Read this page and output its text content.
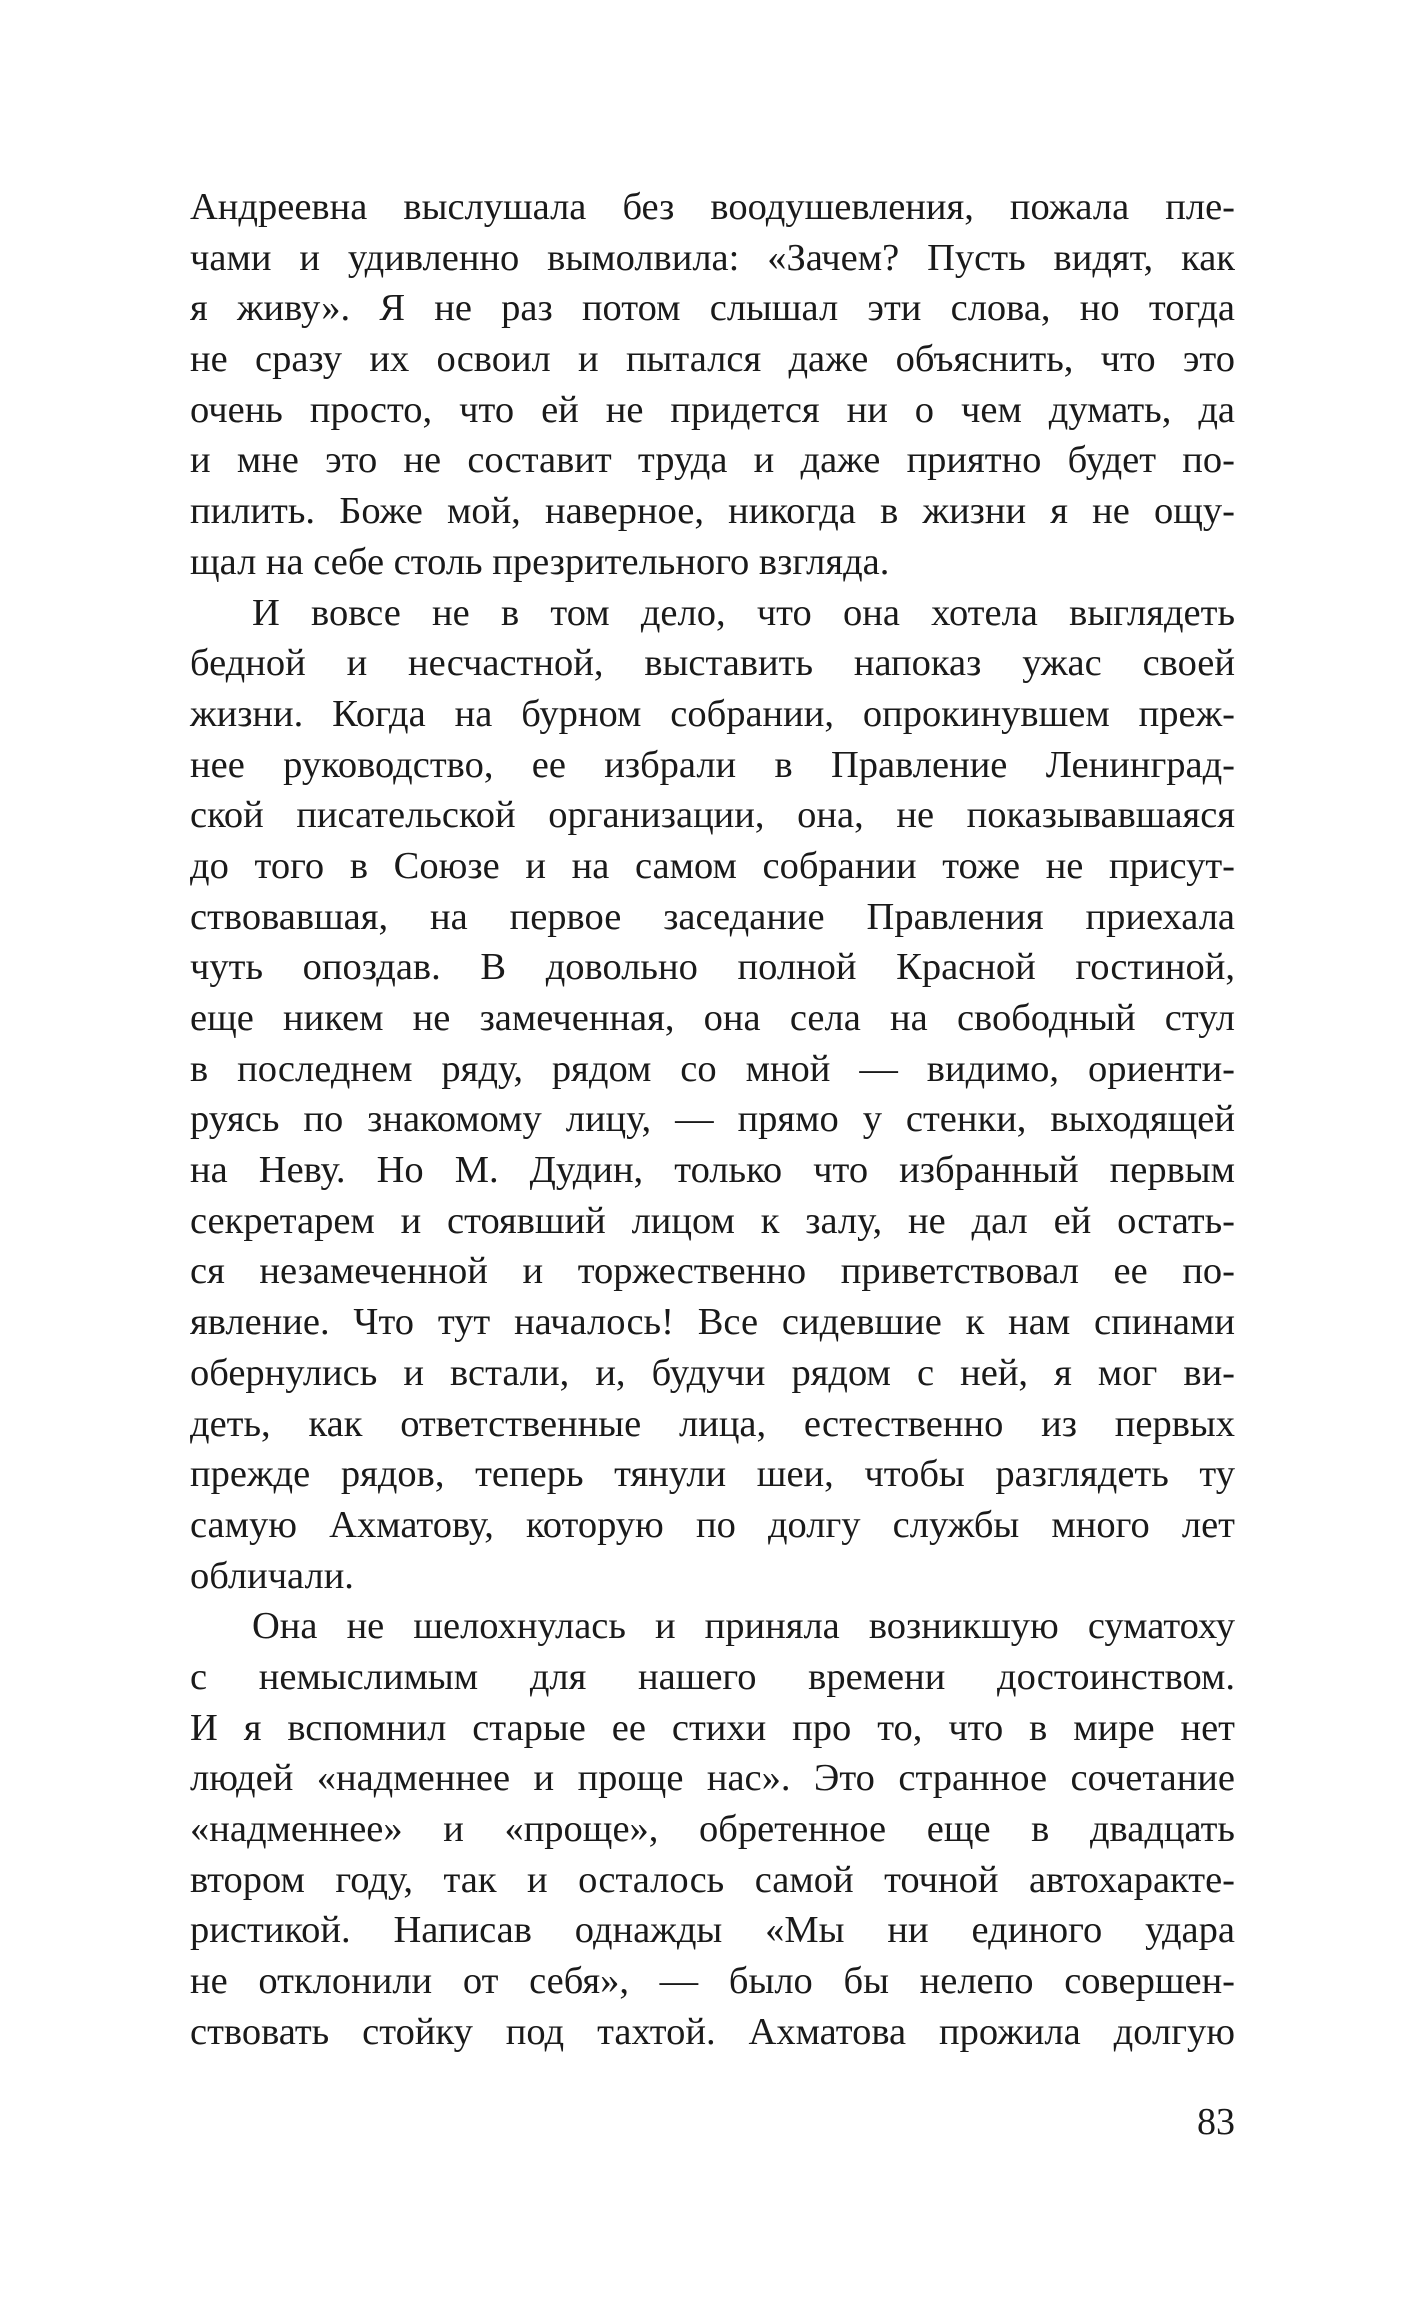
Андреевна выслушала без воодушевления, пожала пле-
чами и удивленно вымолвила: «Зачем? Пусть видят, как
я живу». Я не раз потом слышал эти слова, но тогда
не сразу их освоил и пытался даже объяснить, что это
очень просто, что ей не придется ни о чем думать, да
и мне это не составит труда и даже приятно будет по-
пилить. Боже мой, наверное, никогда в жизни я не ощу-
щал на себе столь презрительного взгляда.
И вовсе не в том дело, что она хотела выглядеть
бедной и несчастной, выставить напоказ ужас своей
жизни. Когда на бурном собрании, опрокинувшем преж-
нее руководство, ее избрали в Правление Ленинград-
ской писательской организации, она, не показывавшаяся
до того в Союзе и на самом собрании тоже не присут-
ствовавшая, на первое заседание Правления приехала
чуть опоздав. В довольно полной Красной гостиной,
еще никем не замеченная, она села на свободный стул
в последнем ряду, рядом со мной — видимо, ориенти-
руясь по знакомому лицу, — прямо у стенки, выходящей
на Неву. Но М. Дудин, только что избранный первым
секретарем и стоявший лицом к залу, не дал ей остать-
ся незамеченной и торжественно приветствовал ее по-
явление. Что тут началось! Все сидевшие к нам спинами
обернулись и встали, и, будучи рядом с ней, я мог ви-
деть, как ответственные лица, естественно из первых
прежде рядов, теперь тянули шеи, чтобы разглядеть ту
самую Ахматову, которую по долгу службы много лет
обличали.
Она не шелохнулась и приняла возникшую суматоху
с немыслимым для нашего времени достоинством.
И я вспомнил старые ее стихи про то, что в мире нет
людей «надменнее и проще нас». Это странное сочетание
«надменнее» и «проще», обретенное еще в двадцать
втором году, так и осталось самой точной автохаракте-
ристикой. Написав однажды «Мы ни единого удара
не отклонили от себя», — было бы нелепо совершен-
ствовать стойку под тахтой. Ахматова прожила долгую
83
